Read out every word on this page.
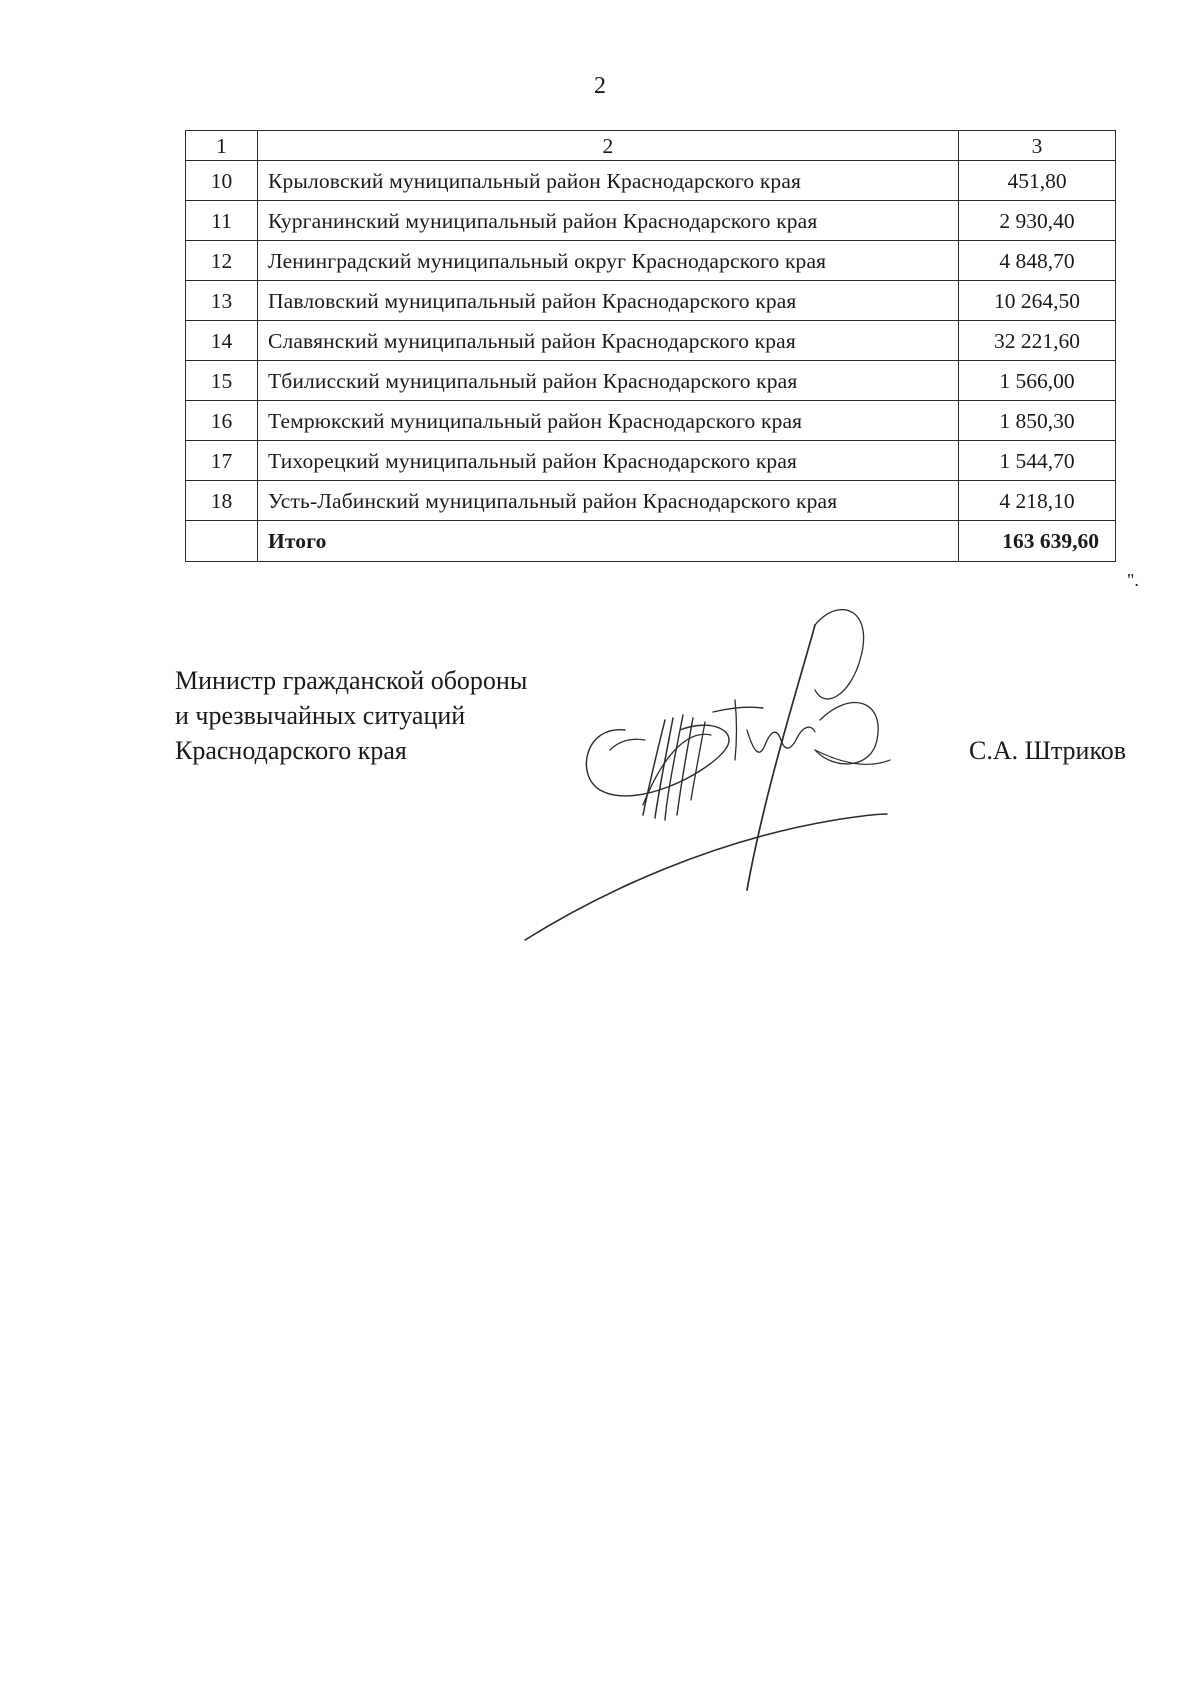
2
1	2	3
10	Крыловский муниципальный район Краснодарского края	451,80
11	Курганинский муниципальный район Краснодарского края	2 930,40
12	Ленинградский муниципальный округ Краснодарского края	4 848,70
13	Павловский муниципальный район Краснодарского края	10 264,50
14	Славянский муниципальный район Краснодарского края	32 221,60
15	Тбилисский муниципальный район Краснодарского края	1 566,00
16	Темрюкский муниципальный район Краснодарского края	1 850,30
17	Тихорецкий муниципальный район Краснодарского края	1 544,70
18	Усть-Лабинский муниципальный район Краснодарского края	4 218,10
	Итого	163 639,60
".
Министр гражданской обороны
и чрезвычайных ситуаций
Краснодарского края	С.А. Штриков
